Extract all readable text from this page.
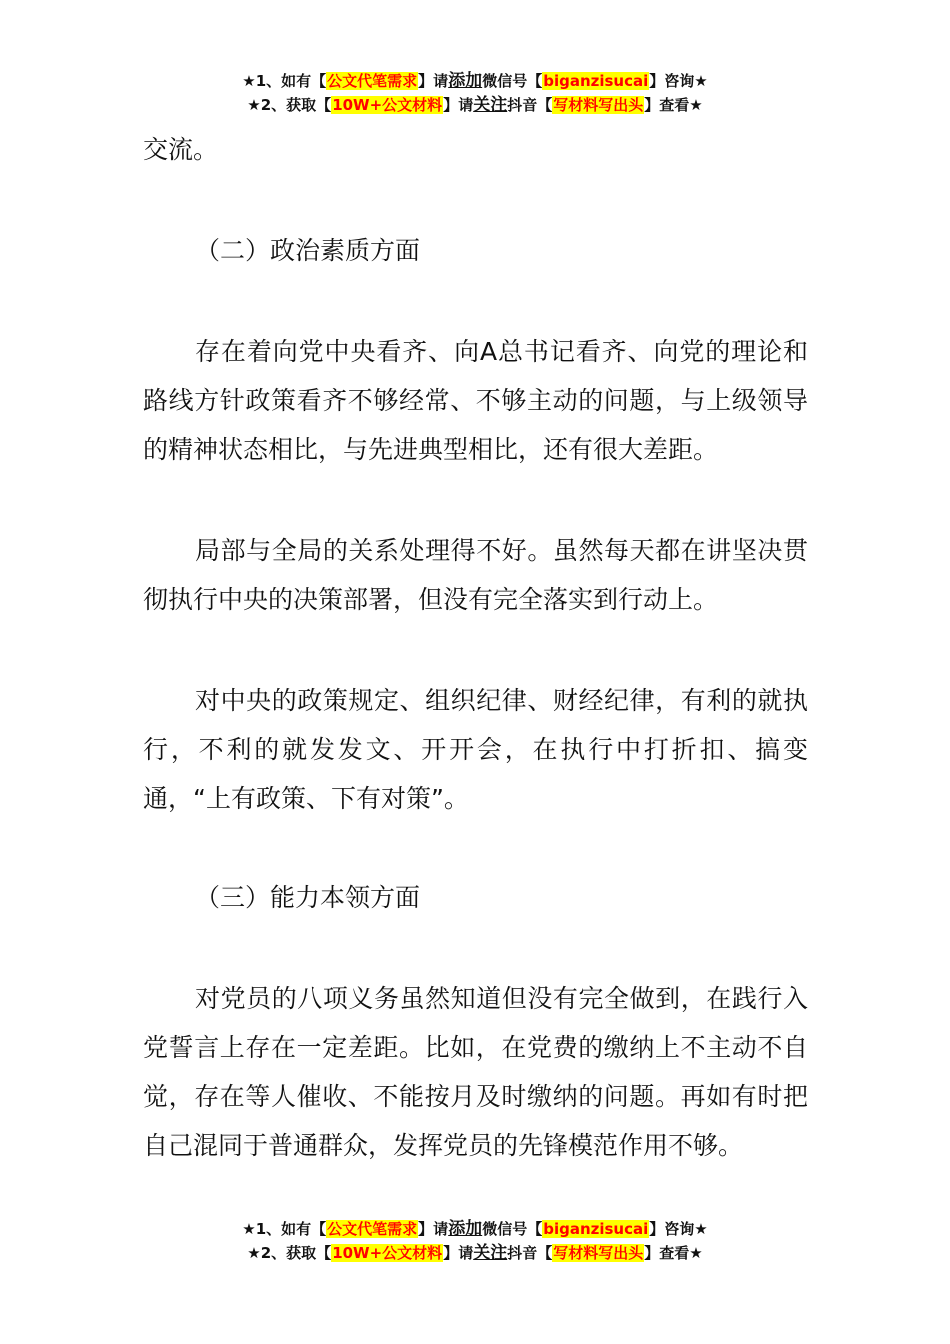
★1、如有【公文代笔需求】请添加微信号【biganzisucai】咨询★
★2、获取【10W+公文材料】请关注抖音【写材料写出头】查看★

交流。

（二）政治素质方面

存在着向党中央看齐、向A总书记看齐、向党的理论和路线方针政策看齐不够经常、不够主动的问题，与上级领导的精神状态相比，与先进典型相比，还有很大差距。

局部与全局的关系处理得不好。虽然每天都在讲坚决贯彻执行中央的决策部署，但没有完全落实到行动上。

对中央的政策规定、组织纪律、财经纪律，有利的就执行，不利的就发发文、开开会，在执行中打折扣、搞变通，“上有政策、下有对策”。

（三）能力本领方面

对党员的八项义务虽然知道但没有完全做到，在践行入党誓言上存在一定差距。比如，在党费的缴纳上不主动不自觉，存在等人催收、不能按月及时缴纳的问题。再如有时把自己混同于普通群众，发挥党员的先锋模范作用不够。

★1、如有【公文代笔需求】请添加微信号【biganzisucai】咨询★
★2、获取【10W+公文材料】请关注抖音【写材料写出头】查看★
